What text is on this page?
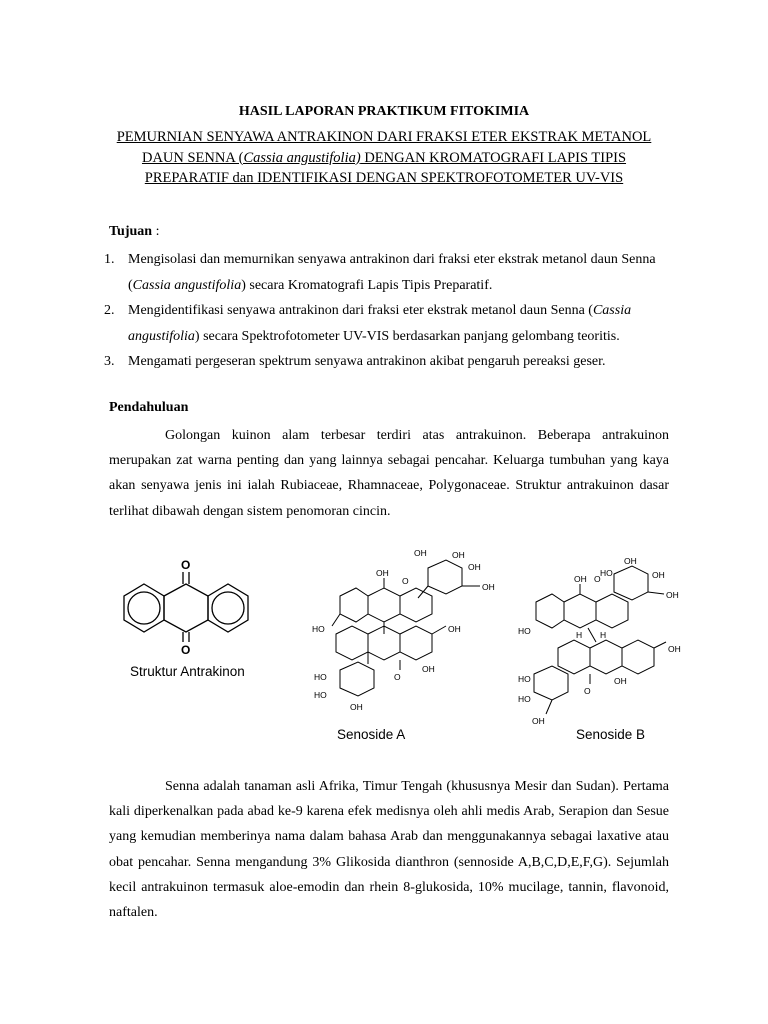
HASIL LAPORAN PRAKTIKUM FITOKIMIA
PEMURNIAN SENYAWA ANTRAKINON DARI FRAKSI ETER EKSTRAK METANOL
DAUN SENNA (Cassia angustifolia) DENGAN KROMATOGRAFI LAPIS TIPIS
PREPARATIF dan IDENTIFIKASI DENGAN SPEKTROFOTOMETER UV-VIS
Tujuan :
1. Mengisolasi dan memurnikan senyawa antrakinon dari fraksi eter ekstrak metanol daun Senna (Cassia angustifolia) secara Kromatografi Lapis Tipis Preparatif.
2. Mengidentifikasi senyawa antrakinon dari fraksi eter ekstrak metanol daun Senna (Cassia angustifolia) secara Spektrofotometer UV-VIS berdasarkan panjang gelombang teoritis.
3. Mengamati pergeseran spektrum senyawa antrakinon akibat pengaruh pereaksi geser.
Pendahuluan

Golongan kuinon alam terbesar terdiri atas antrakuinon. Beberapa antrakuinon merupakan zat warna penting dan yang lainnya sebagai pencahar. Keluarga tumbuhan yang kaya akan senyawa jenis ini ialah Rubiaceae, Rhamnaceae, Polygonaceae. Struktur antrakuinon dasar terlihat dibawah dengan sistem penomoran cincin.

O
O
Struktur Antrakinon
OH
OH
OH
OH
OH
O
HO	OH
O
OH
HO
HO
OH
HO
OH
OH
OH
OH O
HO	H H
OH
O
OH
HO
HO
OH
Senoside A	Senoside B

Senna adalah tanaman asli Afrika, Timur Tengah (khususnya Mesir dan Sudan). Pertama kali diperkenalkan pada abad ke-9 karena efek medisnya oleh ahli medis Arab, Serapion dan Sesue yang kemudian memberinya nama dalam bahasa Arab dan menggunakannya sebagai laxative atau obat pencahar. Senna mengandung 3% Glikosida dianthron (sennoside A,B,C,D,E,F,G). Sejumlah kecil antrakuinon termasuk aloe-emodin dan rhein 8-glukosida, 10% mucilage, tannin, flavonoid, naftalen.
